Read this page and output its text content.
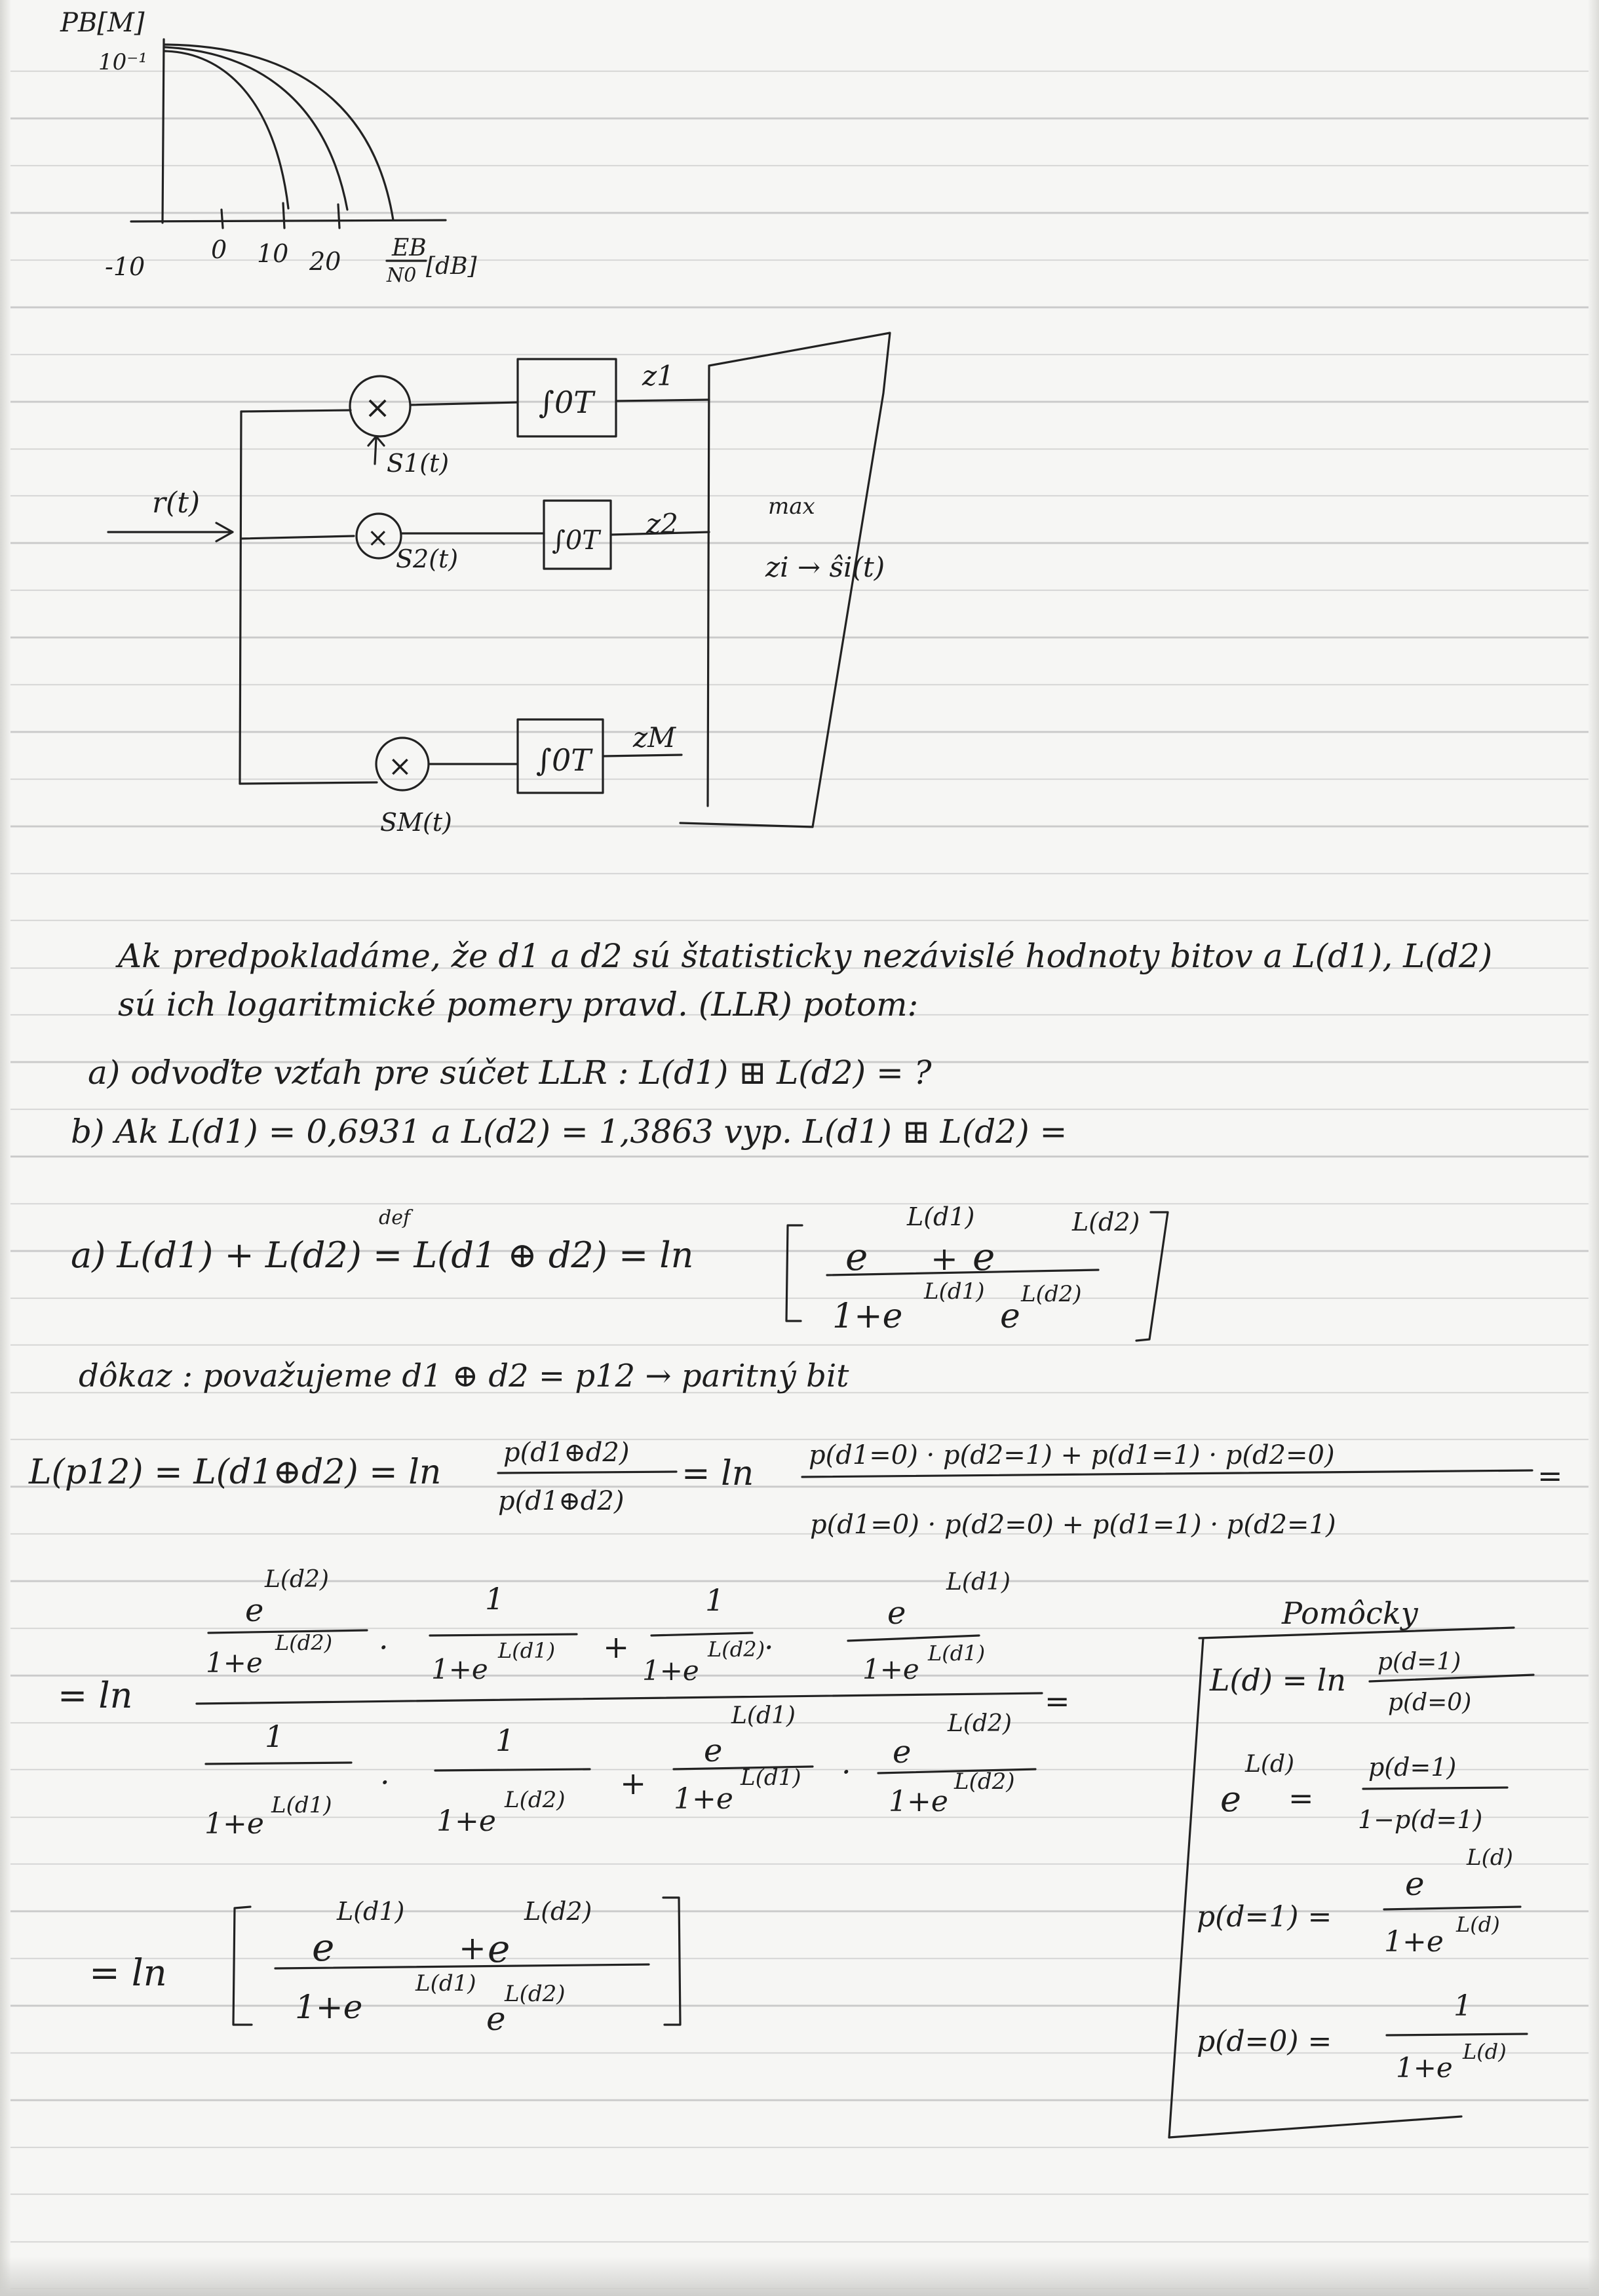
PB[M]
10⁻¹
-10
0 10 20 EB
N0 [dB]
r(t)
×
S1(t)
∫0T
z1
×
S2(t)
∫0T
z2
×
SM(t)
∫0T
zM
max
zi → ŝi(t)
Ak predpokladáme, že d1 a d2 sú štatisticky nezávislé hodnoty bitov a L(d1), L(d2)
sú ich logaritmické pomery pravd. (LLR) potom:
a) odvoďte vzťah pre súčet LLR : L(d1) ⊞ L(d2) = ?
b) Ak L(d1) = 0,6931 a L(d2) = 1,3863 vyp. L(d1) ⊞ L(d2) =
def
a) L(d1) + L(d2) = L(d1 ⊕ d2) = ln	e
L(d1)
+ e
L(d2)
1+e
L(d1)
e
L(d2)
dôkaz : považujeme d1 ⊕ d2 = p12 → paritný bit
L(p12) = L(d1⊕d2) = ln p(d1⊕d2)
p(d1⊕d2)
= ln p(d1=0) · p(d2=1) + p(d1=1) · p(d2=0)
p(d1=0) · p(d2=0) + p(d1=1) · p(d2=1)
=
= ln
e
L(d2)
1+e
L(d2) ·
1
1+e
L(d1) +
1
1+e
L(d2)
·
e
L(d1)
1+e L(d1)
=
1
1+e
L(d1)
·
1
1+e
L(d2) +
e
L(d1)
1+e
L(d1) ·
e
L(d2)
1+e
L(d2)
= ln
e
L(d1)
+ e
L(d2)
1+e
L(d1)
e
L(d2)
Pomôcky
L(d) = ln
p(d=1)
p(d=0)
e
L(d)
=
p(d=1)
1−p(d=1)
p(d=1) =
e
L(d)
1+e
L(d)
p(d=0) =
1
1+e L(d)
